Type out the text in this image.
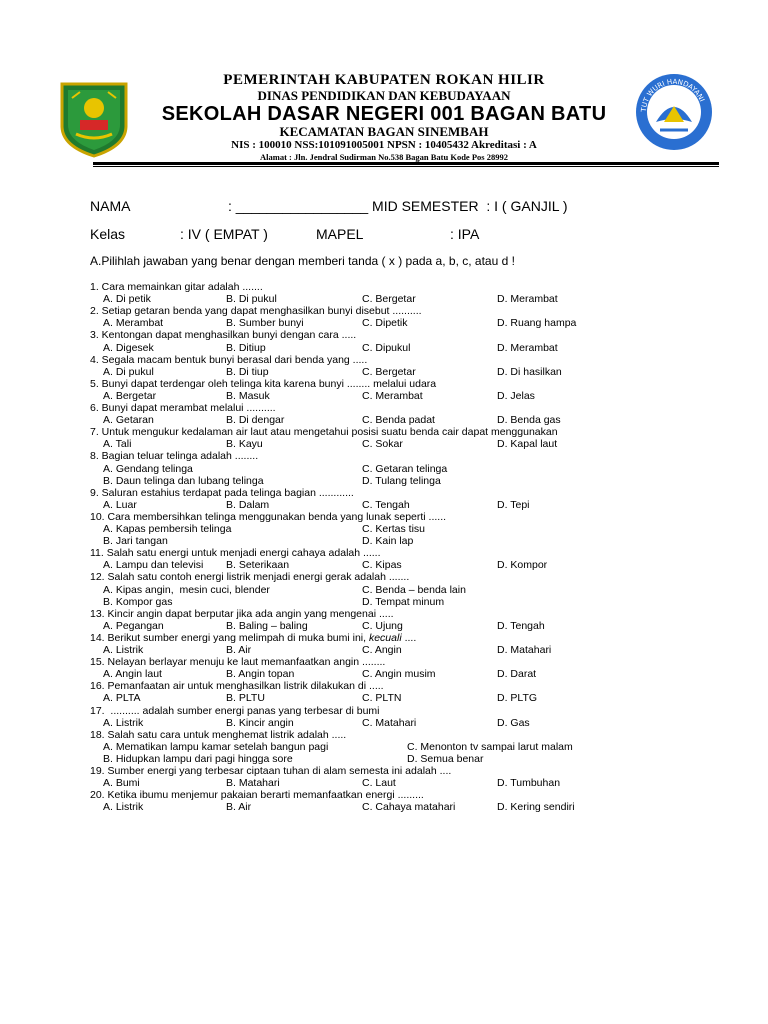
PEMERINTAH KABUPATEN ROKAN HILIR
DINAS PENDIDIKAN DAN KEBUDAYAAN
SEKOLAH DASAR NEGERI 001 BAGAN BATU
KECAMATAN BAGAN SINEMBAH
NIS : 100010 NSS:101091005001 NPSN : 10405432 Akreditasi : A
Alamat : Jln. Jendral Sudirman No.538 Bagan Batu Kode Pos 28992
TUT WURI HANDAYANI
NAMA	: _________________ MID SEMESTER  : I ( GANJIL )
Kelas	: IV ( EMPAT )	MAPEL	: IPA
A.Pilihlah jawaban yang benar dengan memberi tanda ( x ) pada a, b, c, atau d !
1. Cara memainkan gitar adalah .......
A. Di petik	B. Di pukul	C. Bergetar	D. Merambat
2. Setiap getaran benda yang dapat menghasilkan bunyi disebut ..........
A. Merambat	B. Sumber bunyi	C. Dipetik	D. Ruang hampa
3. Kentongan dapat menghasilkan bunyi dengan cara .....
A. Digesek	B. Ditiup	C. Dipukul	D. Merambat
4. Segala macam bentuk bunyi berasal dari benda yang .....
A. Di pukul	B. Di tiup	C. Bergetar	D. Di hasilkan
5. Bunyi dapat terdengar oleh telinga kita karena bunyi ........ melalui udara
A. Bergetar	B. Masuk	C. Merambat	D. Jelas
6. Bunyi dapat merambat melalui ..........
A. Getaran	B. Di dengar	C. Benda padat	D. Benda gas
7. Untuk mengukur kedalaman air laut atau mengetahui posisi suatu benda cair dapat menggunakan
A. Tali	B. Kayu	C. Sokar	D. Kapal laut
8. Bagian teluar telinga adalah ........
A. Gendang telinga	C. Getaran telinga
B. Daun telinga dan lubang telinga	D. Tulang telinga
9. Saluran estahius terdapat pada telinga bagian ............
A. Luar	B. Dalam	C. Tengah	D. Tepi
10. Cara membersihkan telinga menggunakan benda yang lunak seperti ......
A. Kapas pembersih telinga	C. Kertas tisu
B. Jari tangan	D. Kain lap
11. Salah satu energi untuk menjadi energi cahaya adalah ......
A. Lampu dan televisi B. Seterikaan	C. Kipas	D. Kompor
12. Salah satu contoh energi listrik menjadi energi gerak adalah .......
A. Kipas angin,  mesin cuci, blender	C. Benda – benda lain
B. Kompor gas	D. Tempat minum
13. Kincir angin dapat berputar jika ada angin yang mengenai .....
A. Pegangan	B. Baling – baling	C. Ujung	D. Tengah
14. Berikut sumber energi yang melimpah di muka bumi ini, kecuali ....
A. Listrik	B. Air	C. Angin	D. Matahari
15. Nelayan berlayar menuju ke laut memanfaatkan angin ........
A. Angin laut	B. Angin topan	C. Angin musim	D. Darat
16. Pemanfaatan air untuk menghasilkan listrik dilakukan di .....
A. PLTA	B. PLTU	C. PLTN	D. PLTG
17.  .......... adalah sumber energi panas yang terbesar di bumi
A. Listrik	B. Kincir angin	C. Matahari	D. Gas
18. Salah satu cara untuk menghemat listrik adalah .....
A. Mematikan lampu kamar setelah bangun pagi	C. Menonton tv sampai larut malam
B. Hidupkan lampu dari pagi hingga sore	D. Semua benar
19. Sumber energi yang terbesar ciptaan tuhan di alam semesta ini adalah ....
A. Bumi	B. Matahari	C. Laut	D. Tumbuhan
20. Ketika ibumu menjemur pakaian berarti memanfaatkan energi .........
A. Listrik	B. Air	C. Cahaya matahari	D. Kering sendiri
